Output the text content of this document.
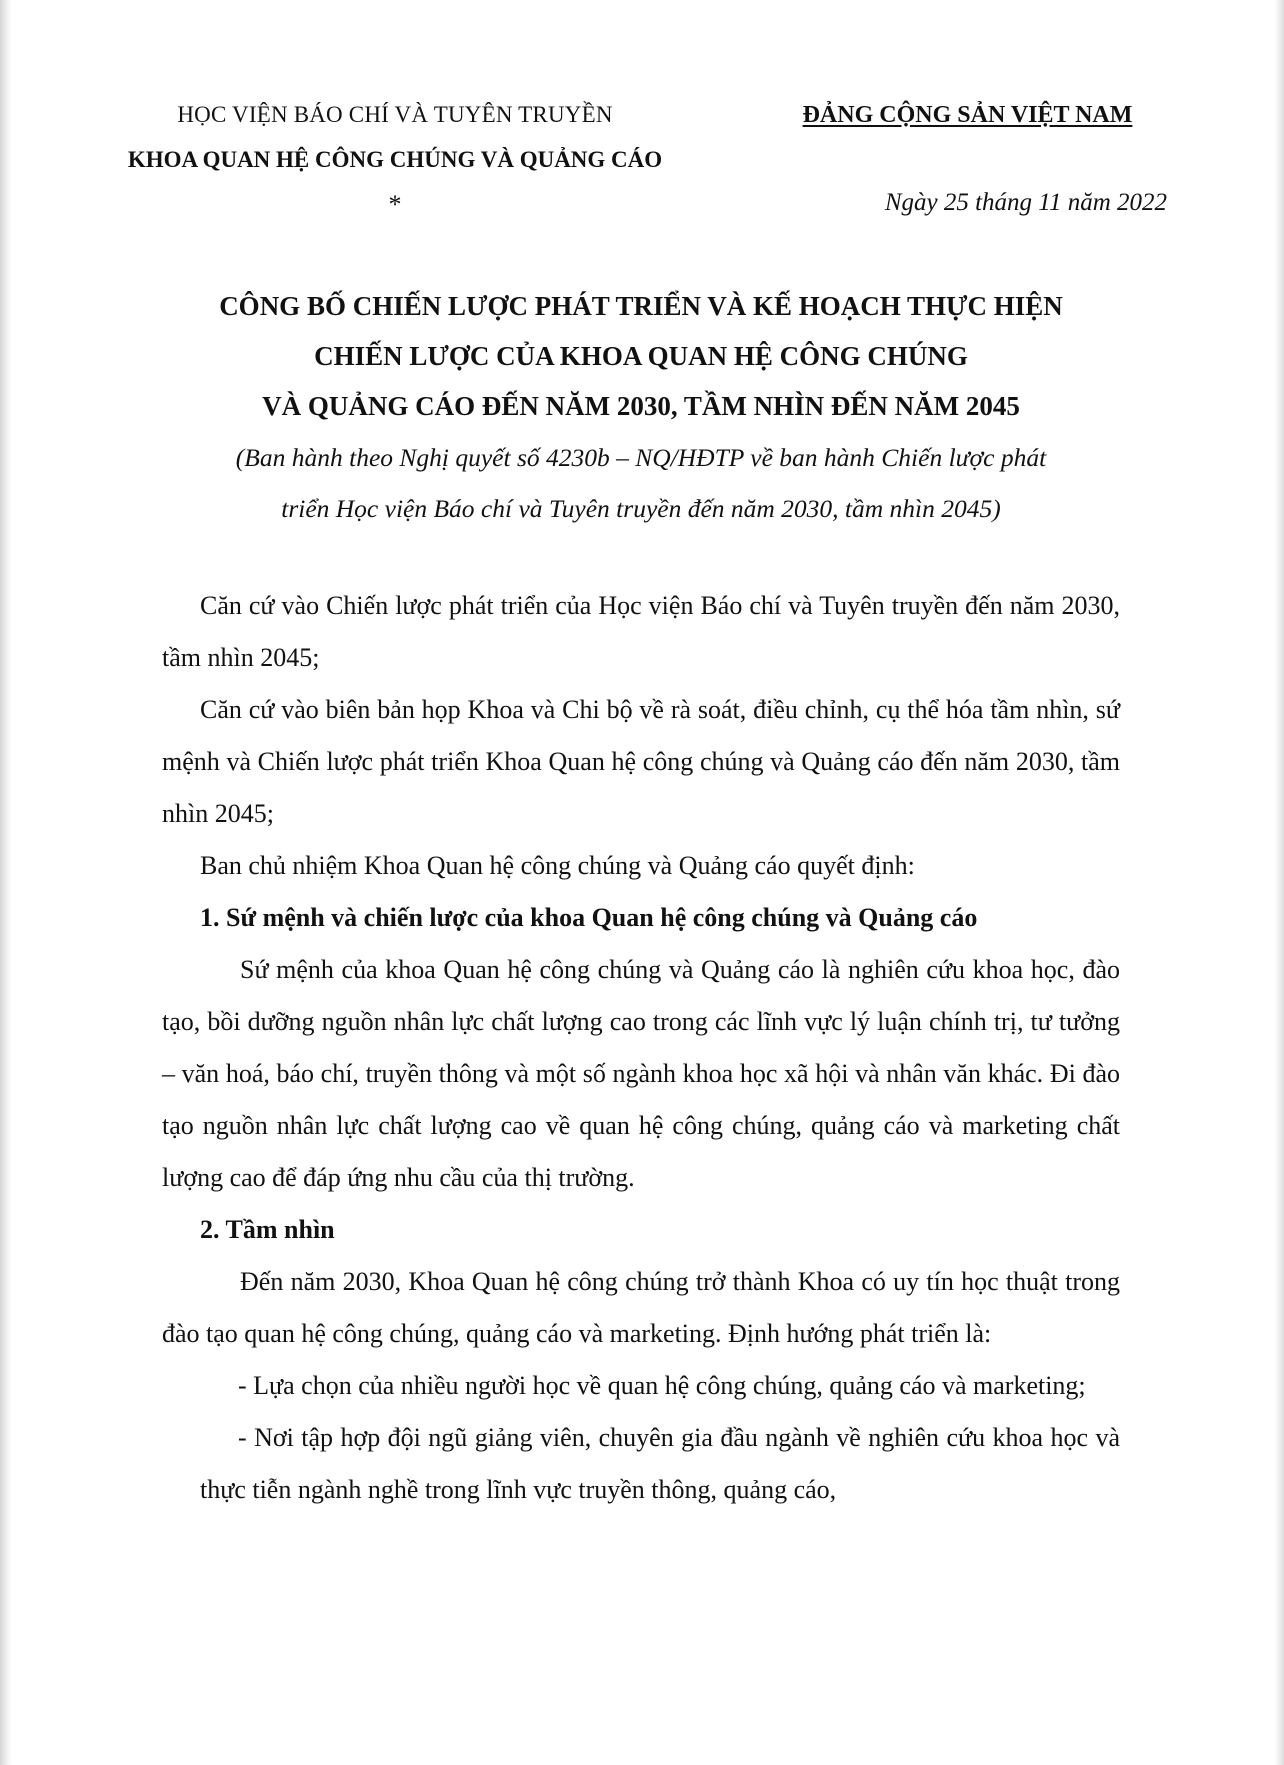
HỌC VIỆN BÁO CHÍ VÀ TUYÊN TRUYỀN
KHOA QUAN HỆ CÔNG CHÚNG VÀ QUẢNG CÁO
*
ĐẢNG CỘNG SẢN VIỆT NAM
Ngày 25 tháng 11 năm 2022
CÔNG BỐ CHIẾN LƯỢC PHÁT TRIỂN VÀ KẾ HOẠCH THỰC HIỆN
CHIẾN LƯỢC CỦA KHOA QUAN HỆ CÔNG CHÚNG
VÀ QUẢNG CÁO ĐẾN NĂM 2030, TẦM NHÌN ĐẾN NĂM 2045
(Ban hành theo Nghị quyết số 4230b – NQ/HĐTP về ban hành Chiến lược phát
triển Học viện Báo chí và Tuyên truyền đến năm 2030, tầm nhìn 2045)

Căn cứ vào Chiến lược phát triển của Học viện Báo chí và Tuyên truyền đến năm 2030, tầm nhìn 2045;

Căn cứ vào biên bản họp Khoa và Chi bộ về rà soát, điều chỉnh, cụ thể hóa tầm nhìn, sứ mệnh và Chiến lược phát triển Khoa Quan hệ công chúng và Quảng cáo đến năm 2030, tầm nhìn 2045;

Ban chủ nhiệm Khoa Quan hệ công chúng và Quảng cáo quyết định:

1. Sứ mệnh và chiến lược của khoa Quan hệ công chúng và Quảng cáo

Sứ mệnh của khoa Quan hệ công chúng và Quảng cáo là nghiên cứu khoa học, đào tạo, bồi dưỡng nguồn nhân lực chất lượng cao trong các lĩnh vực lý luận chính trị, tư tưởng – văn hoá, báo chí, truyền thông và một số ngành khoa học xã hội và nhân văn khác. Đi đào tạo nguồn nhân lực chất lượng cao về quan hệ công chúng, quảng cáo và marketing chất lượng cao để đáp ứng nhu cầu của thị trường.

2. Tầm nhìn

Đến năm 2030, Khoa Quan hệ công chúng trở thành Khoa có uy tín học thuật trong đào tạo quan hệ công chúng, quảng cáo và marketing. Định hướng phát triển là:

- Lựa chọn của nhiều người học về quan hệ công chúng, quảng cáo và marketing;

- Nơi tập hợp đội ngũ giảng viên, chuyên gia đầu ngành về nghiên cứu khoa học và thực tiễn ngành nghề trong lĩnh vực truyền thông, quảng cáo,
